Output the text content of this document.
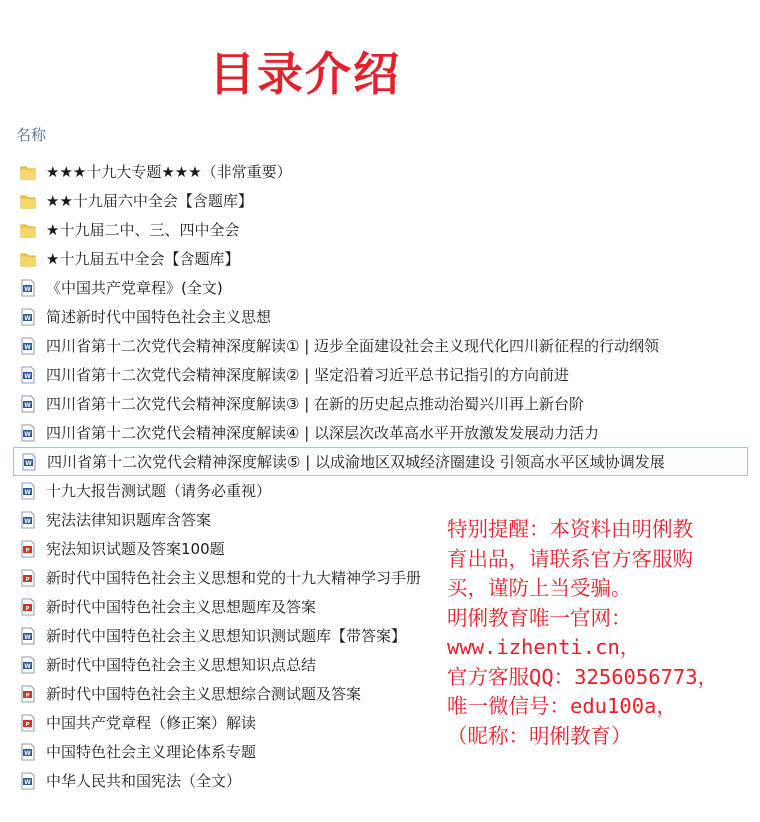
目录介绍
名称
★★★十九大专题★★★（非常重要）
★★十九届六中全会【含题库】
★十九届二中、三、四中全会
★十九届五中全会【含题库】
W 《中国共产党章程》(全文)
W 简述新时代中国特色社会主义思想
W 四川省第十二次党代会精神深度解读① | 迈步全面建设社会主义现代化四川新征程的行动纲领
W 四川省第十二次党代会精神深度解读② | 坚定沿着习近平总书记指引的方向前进
W 四川省第十二次党代会精神深度解读③ | 在新的历史起点推动治蜀兴川再上新台阶
W 四川省第十二次党代会精神深度解读④ | 以深层次改革高水平开放激发发展动力活力
W 四川省第十二次党代会精神深度解读⑤ | 以成渝地区双城经济圈建设 引领高水平区域协调发展
W 十九大报告测试题（请务必重视）
W 宪法法律知识题库含答案
P 宪法知识试题及答案100题
P 新时代中国特色社会主义思想和党的十九大精神学习手册
P 新时代中国特色社会主义思想题库及答案
W 新时代中国特色社会主义思想知识测试题库【带答案】
W 新时代中国特色社会主义思想知识点总结
P 新时代中国特色社会主义思想综合测试题及答案
P 中国共产党章程（修正案）解读
W 中国特色社会主义理论体系专题
W 中华人民共和国宪法（全文）
特别提醒：本资料由明俐教
育出品，请联系官方客服购
买，谨防上当受骗。
明俐教育唯一官网：
www.izhenti.cn，
官方客服QQ：3256056773，
唯一微信号：edu100a，
（昵称：明俐教育）
